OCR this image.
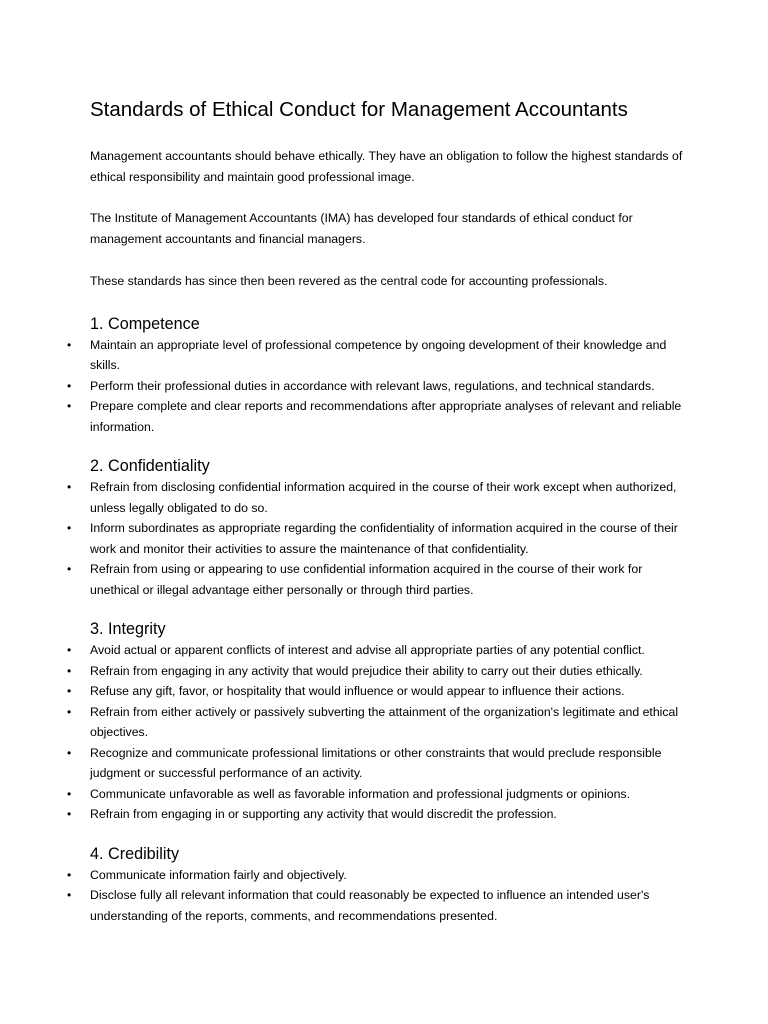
Standards of Ethical Conduct for Management Accountants

Management accountants should behave ethically. They have an obligation to follow the highest standards of ethical responsibility and maintain good professional image.

The Institute of Management Accountants (IMA) has developed four standards of ethical conduct for management accountants and financial managers.

These standards has since then been revered as the central code for accounting professionals.

1. Competence
• Maintain an appropriate level of professional competence by ongoing development of their knowledge and skills.
• Perform their professional duties in accordance with relevant laws, regulations, and technical standards.
• Prepare complete and clear reports and recommendations after appropriate analyses of relevant and reliable information.
2. Confidentiality
• Refrain from disclosing confidential information acquired in the course of their work except when authorized, unless legally obligated to do so.
• Inform subordinates as appropriate regarding the confidentiality of information acquired in the course of their work and monitor their activities to assure the maintenance of that confidentiality.
• Refrain from using or appearing to use confidential information acquired in the course of their work for unethical or illegal advantage either personally or through third parties.
3. Integrity
• Avoid actual or apparent conflicts of interest and advise all appropriate parties of any potential conflict.
• Refrain from engaging in any activity that would prejudice their ability to carry out their duties ethically.
• Refuse any gift, favor, or hospitality that would influence or would appear to influence their actions.
• Refrain from either actively or passively subverting the attainment of the organization's legitimate and ethical objectives.
• Recognize and communicate professional limitations or other constraints that would preclude responsible judgment or successful performance of an activity.
• Communicate unfavorable as well as favorable information and professional judgments or opinions.
• Refrain from engaging in or supporting any activity that would discredit the profession.
4. Credibility
• Communicate information fairly and objectively.
• Disclose fully all relevant information that could reasonably be expected to influence an intended user's understanding of the reports, comments, and recommendations presented.
